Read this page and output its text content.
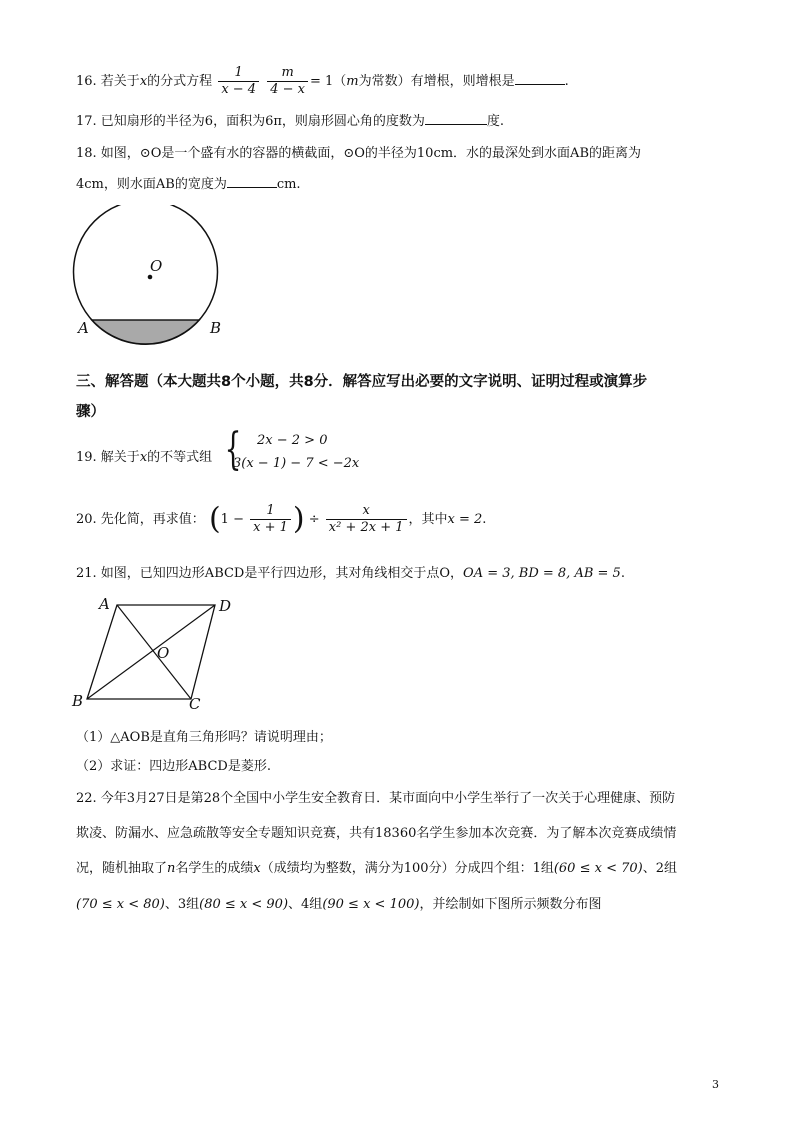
16. 若关于x的分式方程 $\frac{1}{x - 4}$
$\frac{m}{4 - x} = 1(m$为常数）有增根，则增根是	.
17. 已知扇形的半径为6，面积为6π，则扇形圆心角的度数为	度.
18. 如图，⊙O是一个盛有水的容器的横截面，⊙O的半径为10cm．水的最深处到水面AB的距离为
4cm，则水面AB的宽度为	cm.
O
A	B
三、解答题（本大题共8个小题，共8分．解答应写出必要的文字说明、证明过程或演算步
骤）
19. 解关于x的不等式组 {	2x − 2 > 0
3(x − 1) − 7 < −2x
20. 先化简，再求值： ($1 - \frac{1}{x + 1}$ ) ÷ $\frac{x}{\text{x² + 2x + 1}}$ ，其中x = 2.
21. 如图，已知四边形ABCD是平行四边形，其对角线相交于点O，OA = 3, BD = 8, AB = 5.
A	D
O
B	C
（1）△AOB是直角三角形吗？请说明理由；
（2）求证：四边形ABCD是菱形.
22. 今年3月27日是第28个全国中小学生安全教育日．某市面向中小学生举行了一次关于心理健康、预防
欺凌、防漏水、应急疏散等安全专题知识竞赛，共有18360名学生参加本次竞赛．为了解本次竞赛成绩情
况，随机抽取了n名学生的成绩x（成绩均为整数，满分为100分）分成四个组：1组(60 ≤ x < 70)、2组
(70 ≤ x < 80)、3组(80 ≤ x < 90)、4组(90 ≤ x < 100)，并绘制如下图所示频数分布图
3
